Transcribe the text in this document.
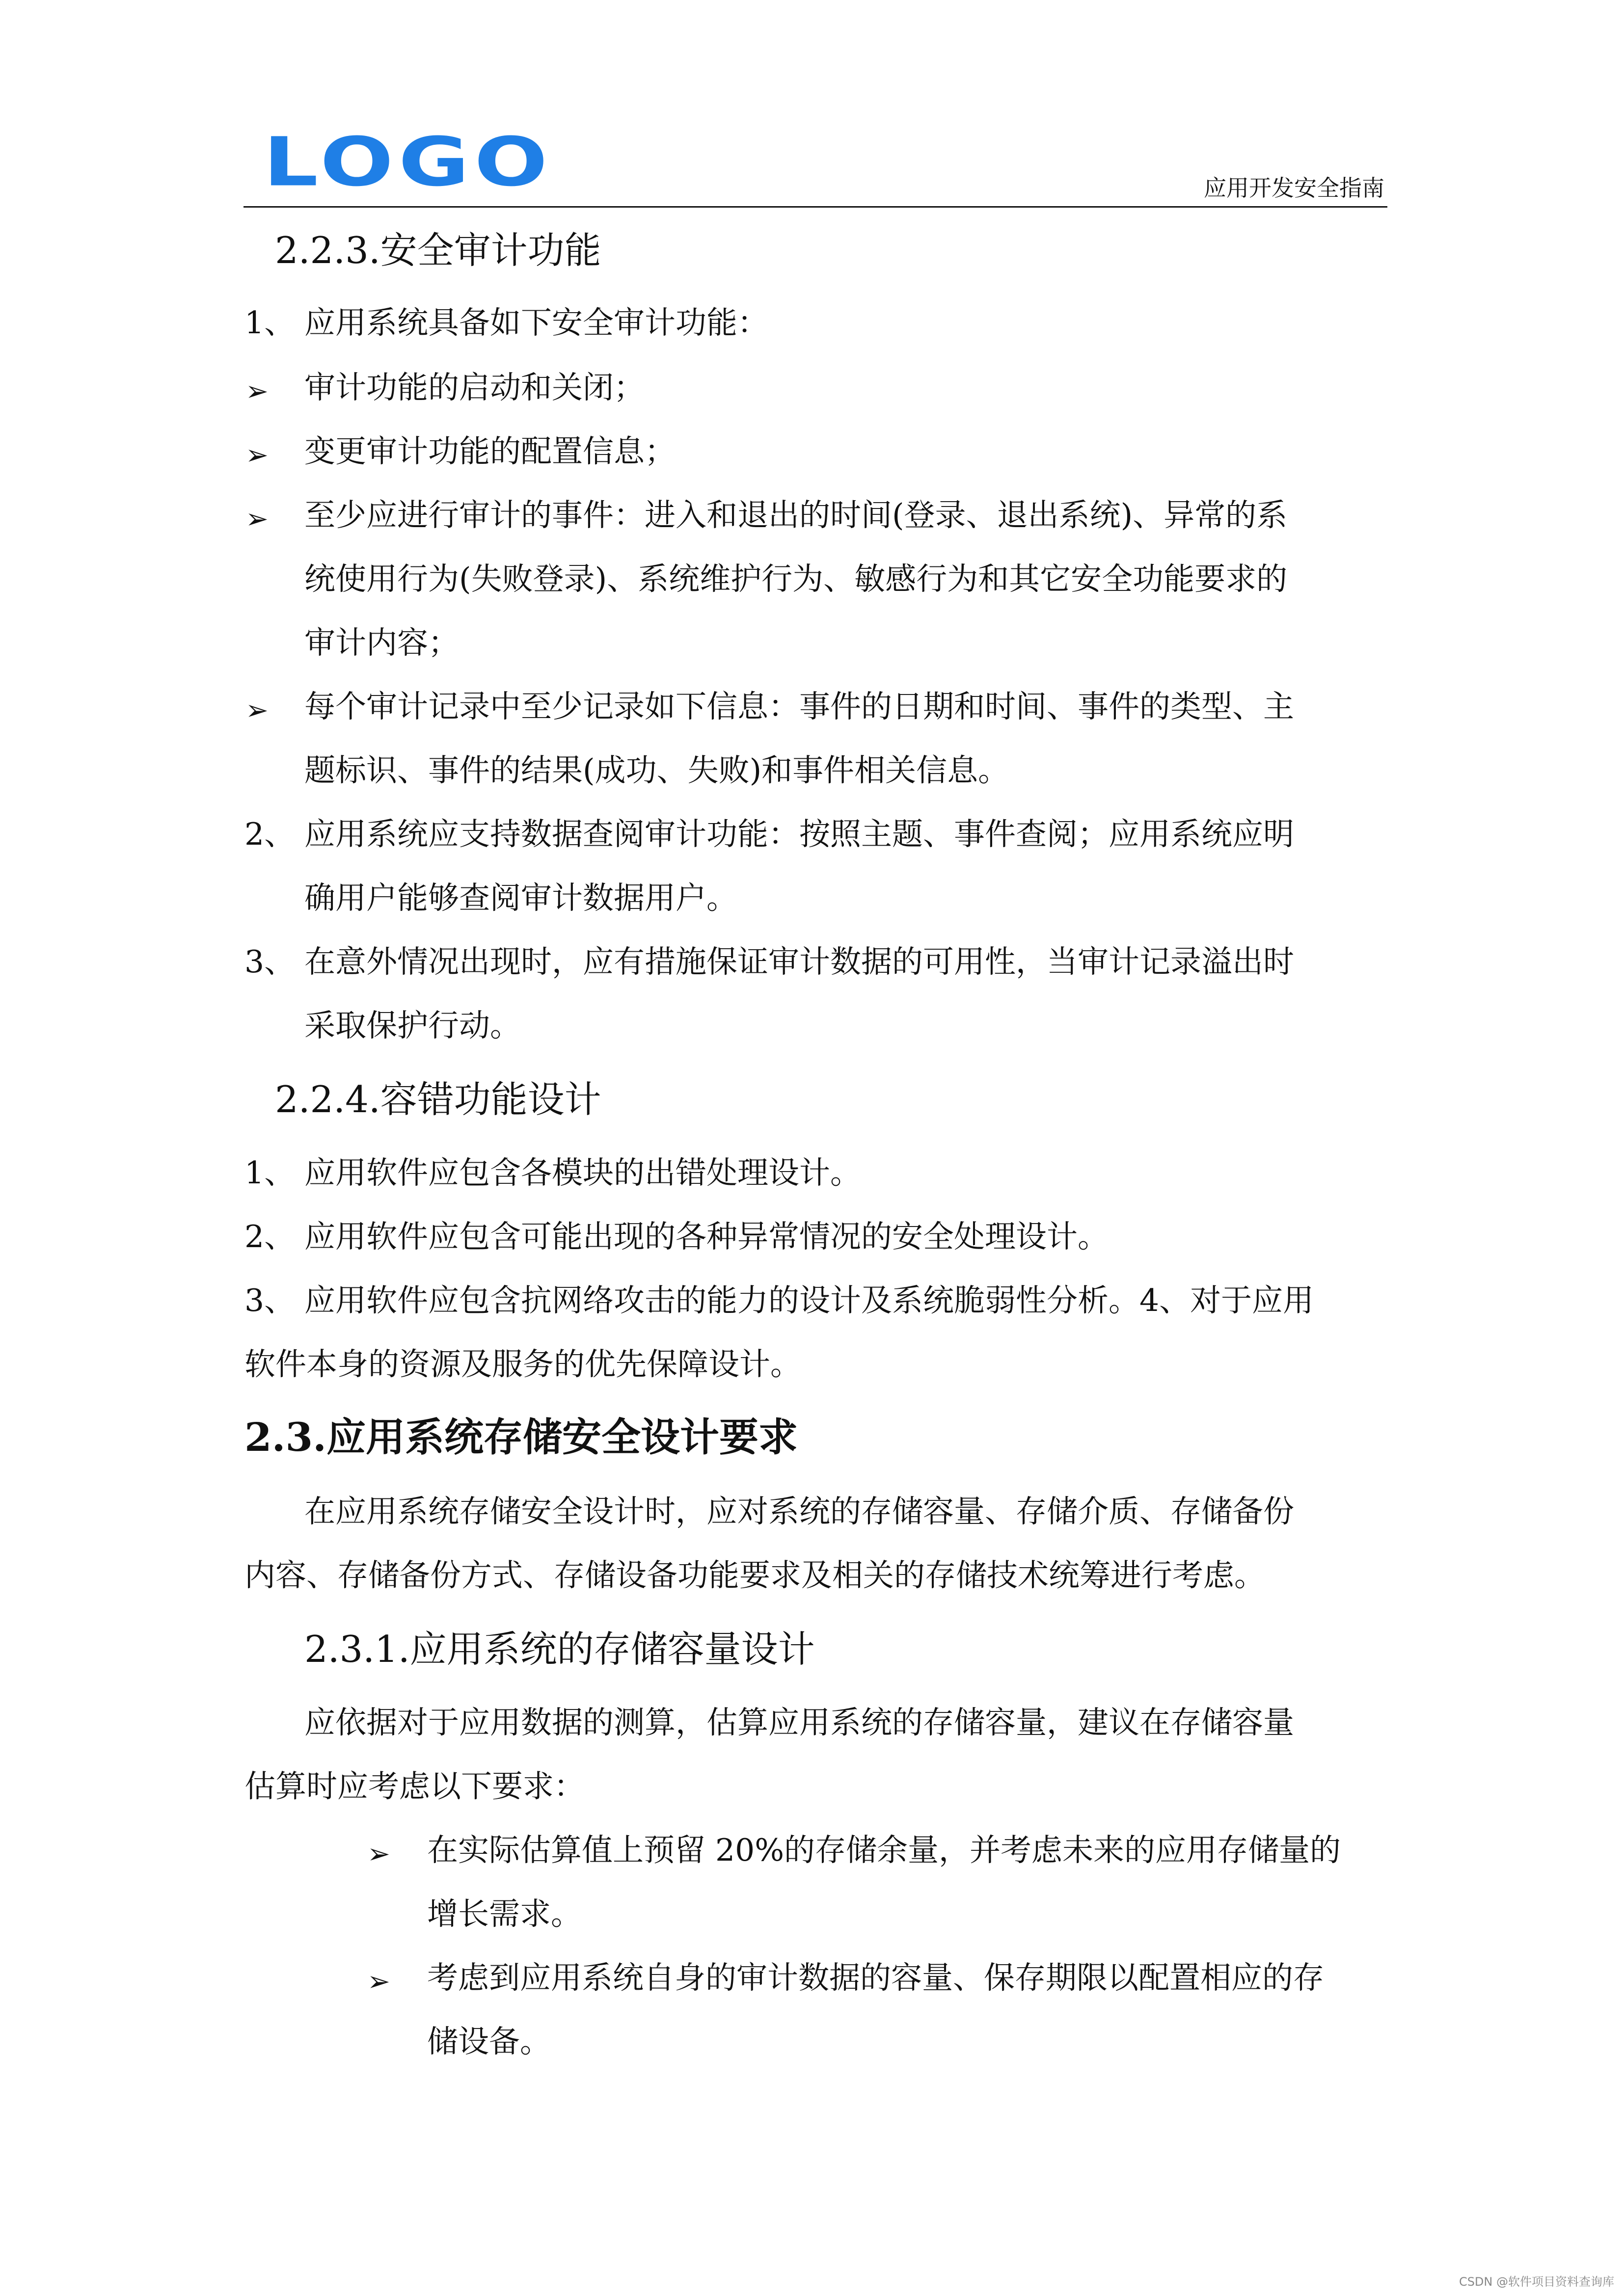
LOGO	应用开发安全指南
2.2.3.安全审计功能
1、 应用系统具备如下安全审计功能：
➢ 审计功能的启动和关闭；
➢ 变更审计功能的配置信息；
➢ 至少应进行审计的事件：进入和退出的时间(登录、退出系统)、异常的系
统使用行为(失败登录)、系统维护行为、敏感行为和其它安全功能要求的
审计内容；
➢ 每个审计记录中至少记录如下信息：事件的日期和时间、事件的类型、主
题标识、事件的结果(成功、失败)和事件相关信息。
2、 应用系统应支持数据查阅审计功能：按照主题、事件查阅；应用系统应明
确用户能够查阅审计数据用户。
3、 在意外情况出现时，应有措施保证审计数据的可用性，当审计记录溢出时
采取保护行动。
2.2.4.容错功能设计
1、 应用软件应包含各模块的出错处理设计。
2、 应用软件应包含可能出现的各种异常情况的安全处理设计。
3、 应用软件应包含抗网络攻击的能力的设计及系统脆弱性分析。4、对于应用
软件本身的资源及服务的优先保障设计。
2.3.应用系统存储安全设计要求
在应用系统存储安全设计时，应对系统的存储容量、存储介质、存储备份
内容、存储备份方式、存储设备功能要求及相关的存储技术统筹进行考虑。
2.3.1.应用系统的存储容量设计
应依据对于应用数据的测算，估算应用系统的存储容量，建议在存储容量
估算时应考虑以下要求：
➢ 在实际估算值上预留 20%的存储余量，并考虑未来的应用存储量的
增长需求。
➢ 考虑到应用系统自身的审计数据的容量、保存期限以配置相应的存
储设备。
CSDN @软件项目资料查询库
